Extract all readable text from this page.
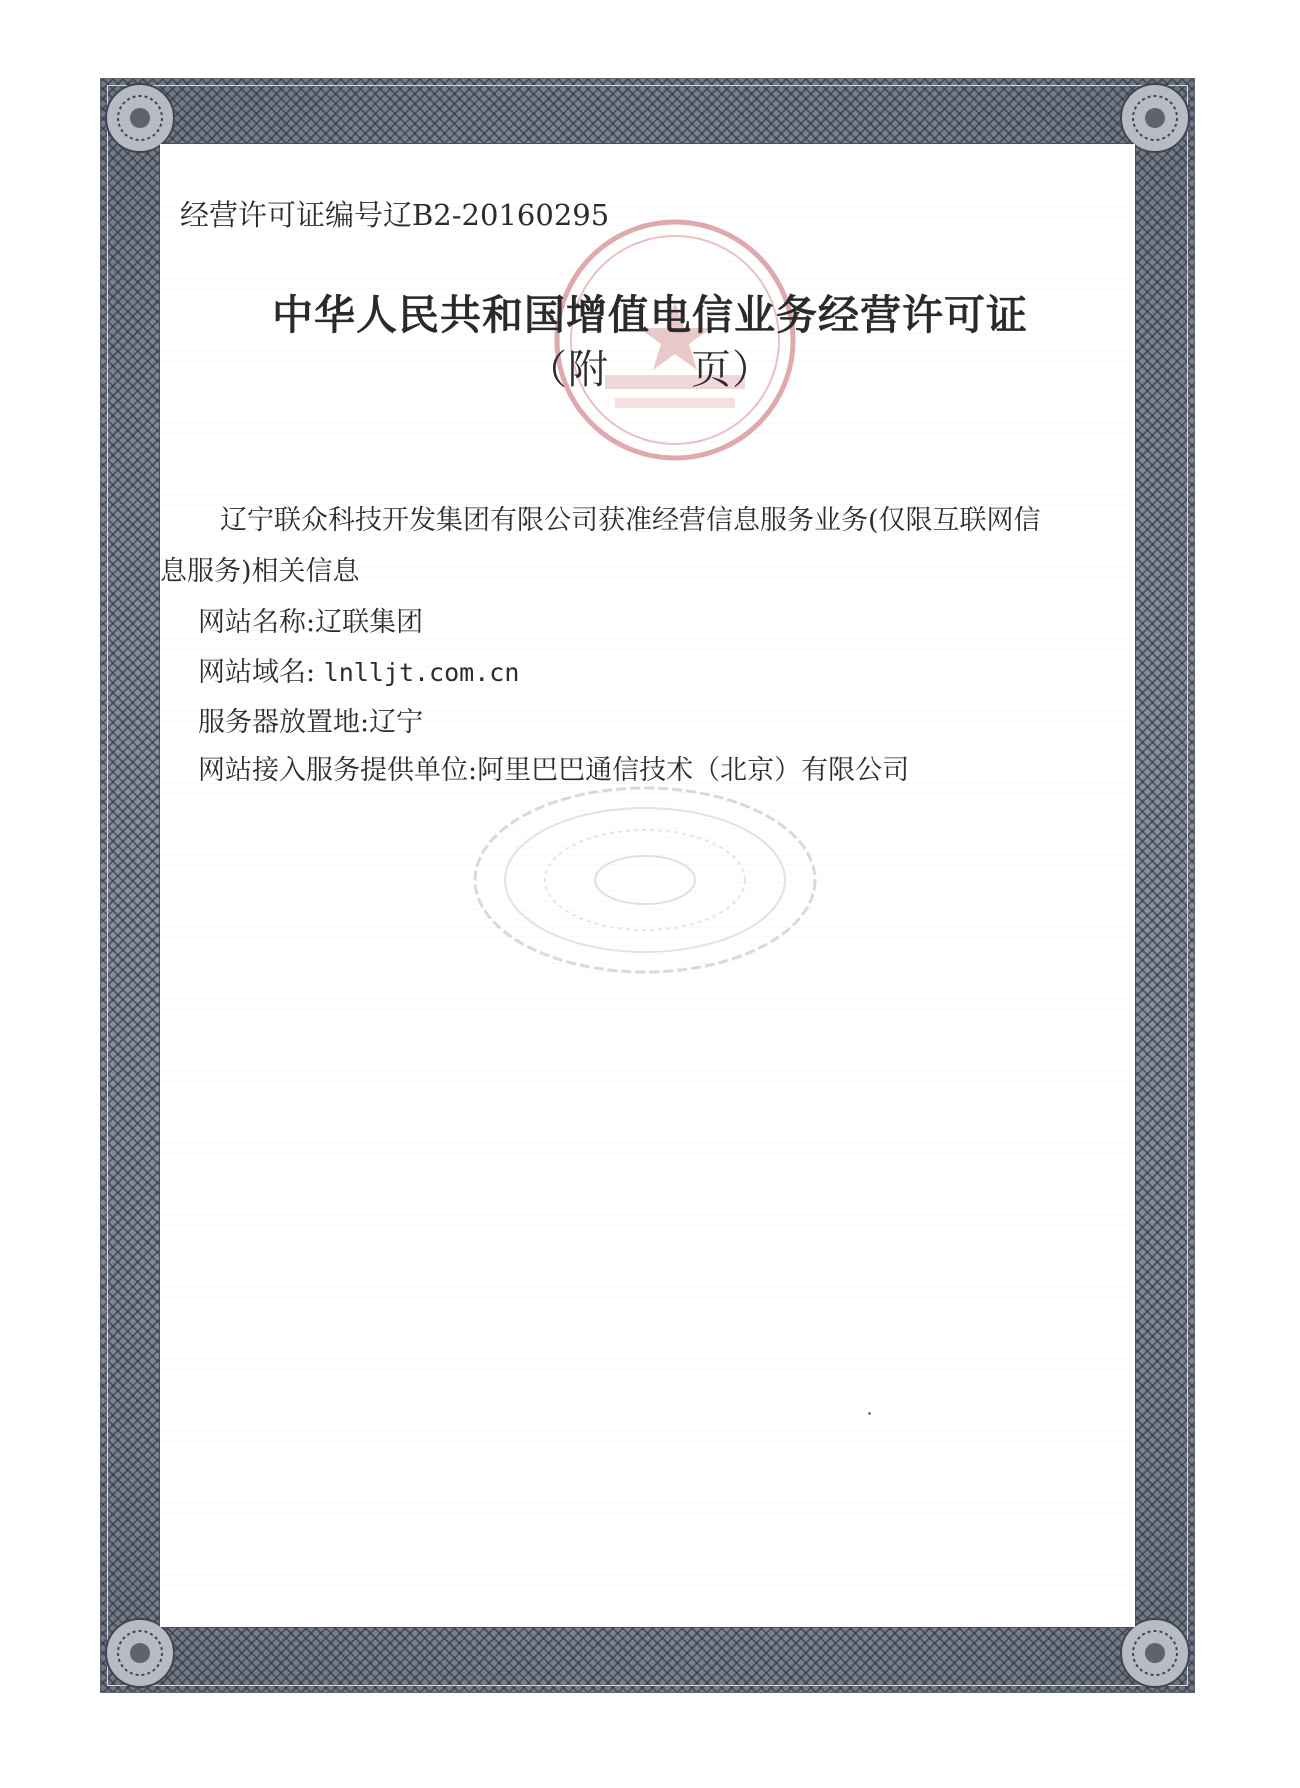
经营许可证编号辽B2-20160295
中华人民共和国增值电信业务经营许可证
（附　　页）
辽宁联众科技开发集团有限公司获准经营信息服务业务(仅限互联网信
息服务)相关信息
网站名称:辽联集团
网站域名: lnlljt.com.cn
服务器放置地:辽宁
网站接入服务提供单位:阿里巴巴通信技术（北京）有限公司
